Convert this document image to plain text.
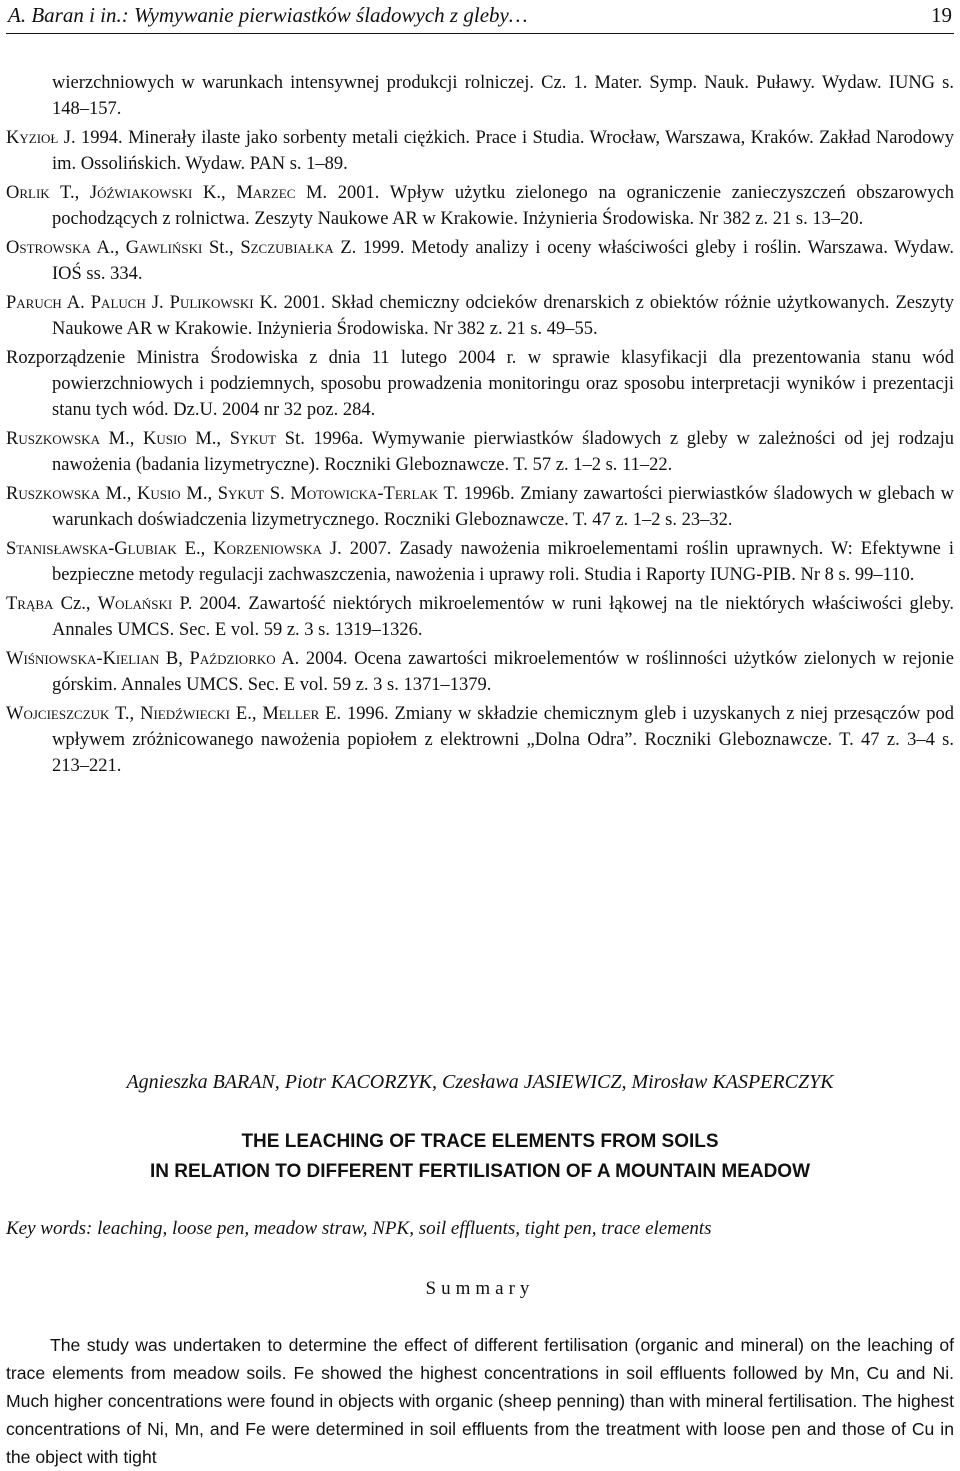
A. Baran i in.: Wymywanie pierwiastków śladowych z gleby…	19
wierzchniowych w warunkach intensywnej produkcji rolniczej. Cz. 1. Mater. Symp. Nauk. Puławy. Wydaw. IUNG s. 148–157.
Kyzioł J. 1994. Minerały ilaste jako sorbenty metali ciężkich. Prace i Studia. Wrocław, Warszawa, Kraków. Zakład Narodowy im. Ossolińskich. Wydaw. PAN s. 1–89.
Orlik T., Jóźwiakowski K., Marzec M. 2001. Wpływ użytku zielonego na ograniczenie zanieczyszczeń obszarowych pochodzących z rolnictwa. Zeszyty Naukowe AR w Krakowie. Inżynieria Środowiska. Nr 382 z. 21 s. 13–20.
Ostrowska A., Gawliński St., Szczubiałka Z. 1999. Metody analizy i oceny właściwości gleby i roślin. Warszawa. Wydaw. IOŚ ss. 334.
Paruch A. Paluch J. Pulikowski K. 2001. Skład chemiczny odcieków drenarskich z obiektów różnie użytkowanych. Zeszyty Naukowe AR w Krakowie. Inżynieria Środowiska. Nr 382 z. 21 s. 49–55.
Rozporządzenie Ministra Środowiska z dnia 11 lutego 2004 r. w sprawie klasyfikacji dla prezentowania stanu wód powierzchniowych i podziemnych, sposobu prowadzenia monitoringu oraz sposobu interpretacji wyników i prezentacji stanu tych wód. Dz.U. 2004 nr 32 poz. 284.
Ruszkowska M., Kusio M., Sykut St. 1996a. Wymywanie pierwiastków śladowych z gleby w zależności od jej rodzaju nawożenia (badania lizymetryczne). Roczniki Gleboznawcze. T. 57 z. 1–2 s. 11–22.
Ruszkowska M., Kusio M., Sykut S. Motowicka-Terlak T. 1996b. Zmiany zawartości pierwiastków śladowych w glebach w warunkach doświadczenia lizymetrycznego. Roczniki Gleboznawcze. T. 47 z. 1–2 s. 23–32.
Stanisławska-Glubiak E., Korzeniowska J. 2007. Zasady nawożenia mikroelementami roślin uprawnych. W: Efektywne i bezpieczne metody regulacji zachwaszczenia, nawożenia i uprawy roli. Studia i Raporty IUNG-PIB. Nr 8 s. 99–110.
Trąba Cz., Wolański P. 2004. Zawartość niektórych mikroelementów w runi łąkowej na tle niektórych właściwości gleby. Annales UMCS. Sec. E vol. 59 z. 3 s. 1319–1326.
Wiśniowska-Kielian B, Paździorko A. 2004. Ocena zawartości mikroelementów w roślinności użytków zielonych w rejonie górskim. Annales UMCS. Sec. E vol. 59 z. 3 s. 1371–1379.
Wojcieszczuk T., Niedźwiecki E., Meller E. 1996. Zmiany w składzie chemicznym gleb i uzyskanych z niej przesączów pod wpływem zróżnicowanego nawożenia popiołem z elektrowni „Dolna Odra”. Roczniki Gleboznawcze. T. 47 z. 3–4 s. 213–221.
Agnieszka BARAN, Piotr KACORZYK, Czesława JASIEWICZ, Mirosław KASPERCZYK
THE LEACHING OF TRACE ELEMENTS FROM SOILS
IN RELATION TO DIFFERENT FERTILISATION OF A MOUNTAIN MEADOW
Key words: leaching, loose pen, meadow straw, NPK, soil effluents, tight pen, trace elements
Summary
The study was undertaken to determine the effect of different fertilisation (organic and mineral) on the leaching of trace elements from meadow soils. Fe showed the highest concentrations in soil effluents followed by Mn, Cu and Ni. Much higher concentrations were found in objects with organic (sheep penning) than with mineral fertilisation. The highest concentrations of Ni, Mn, and Fe were determined in soil effluents from the treatment with loose pen and those of Cu in the object with tight
